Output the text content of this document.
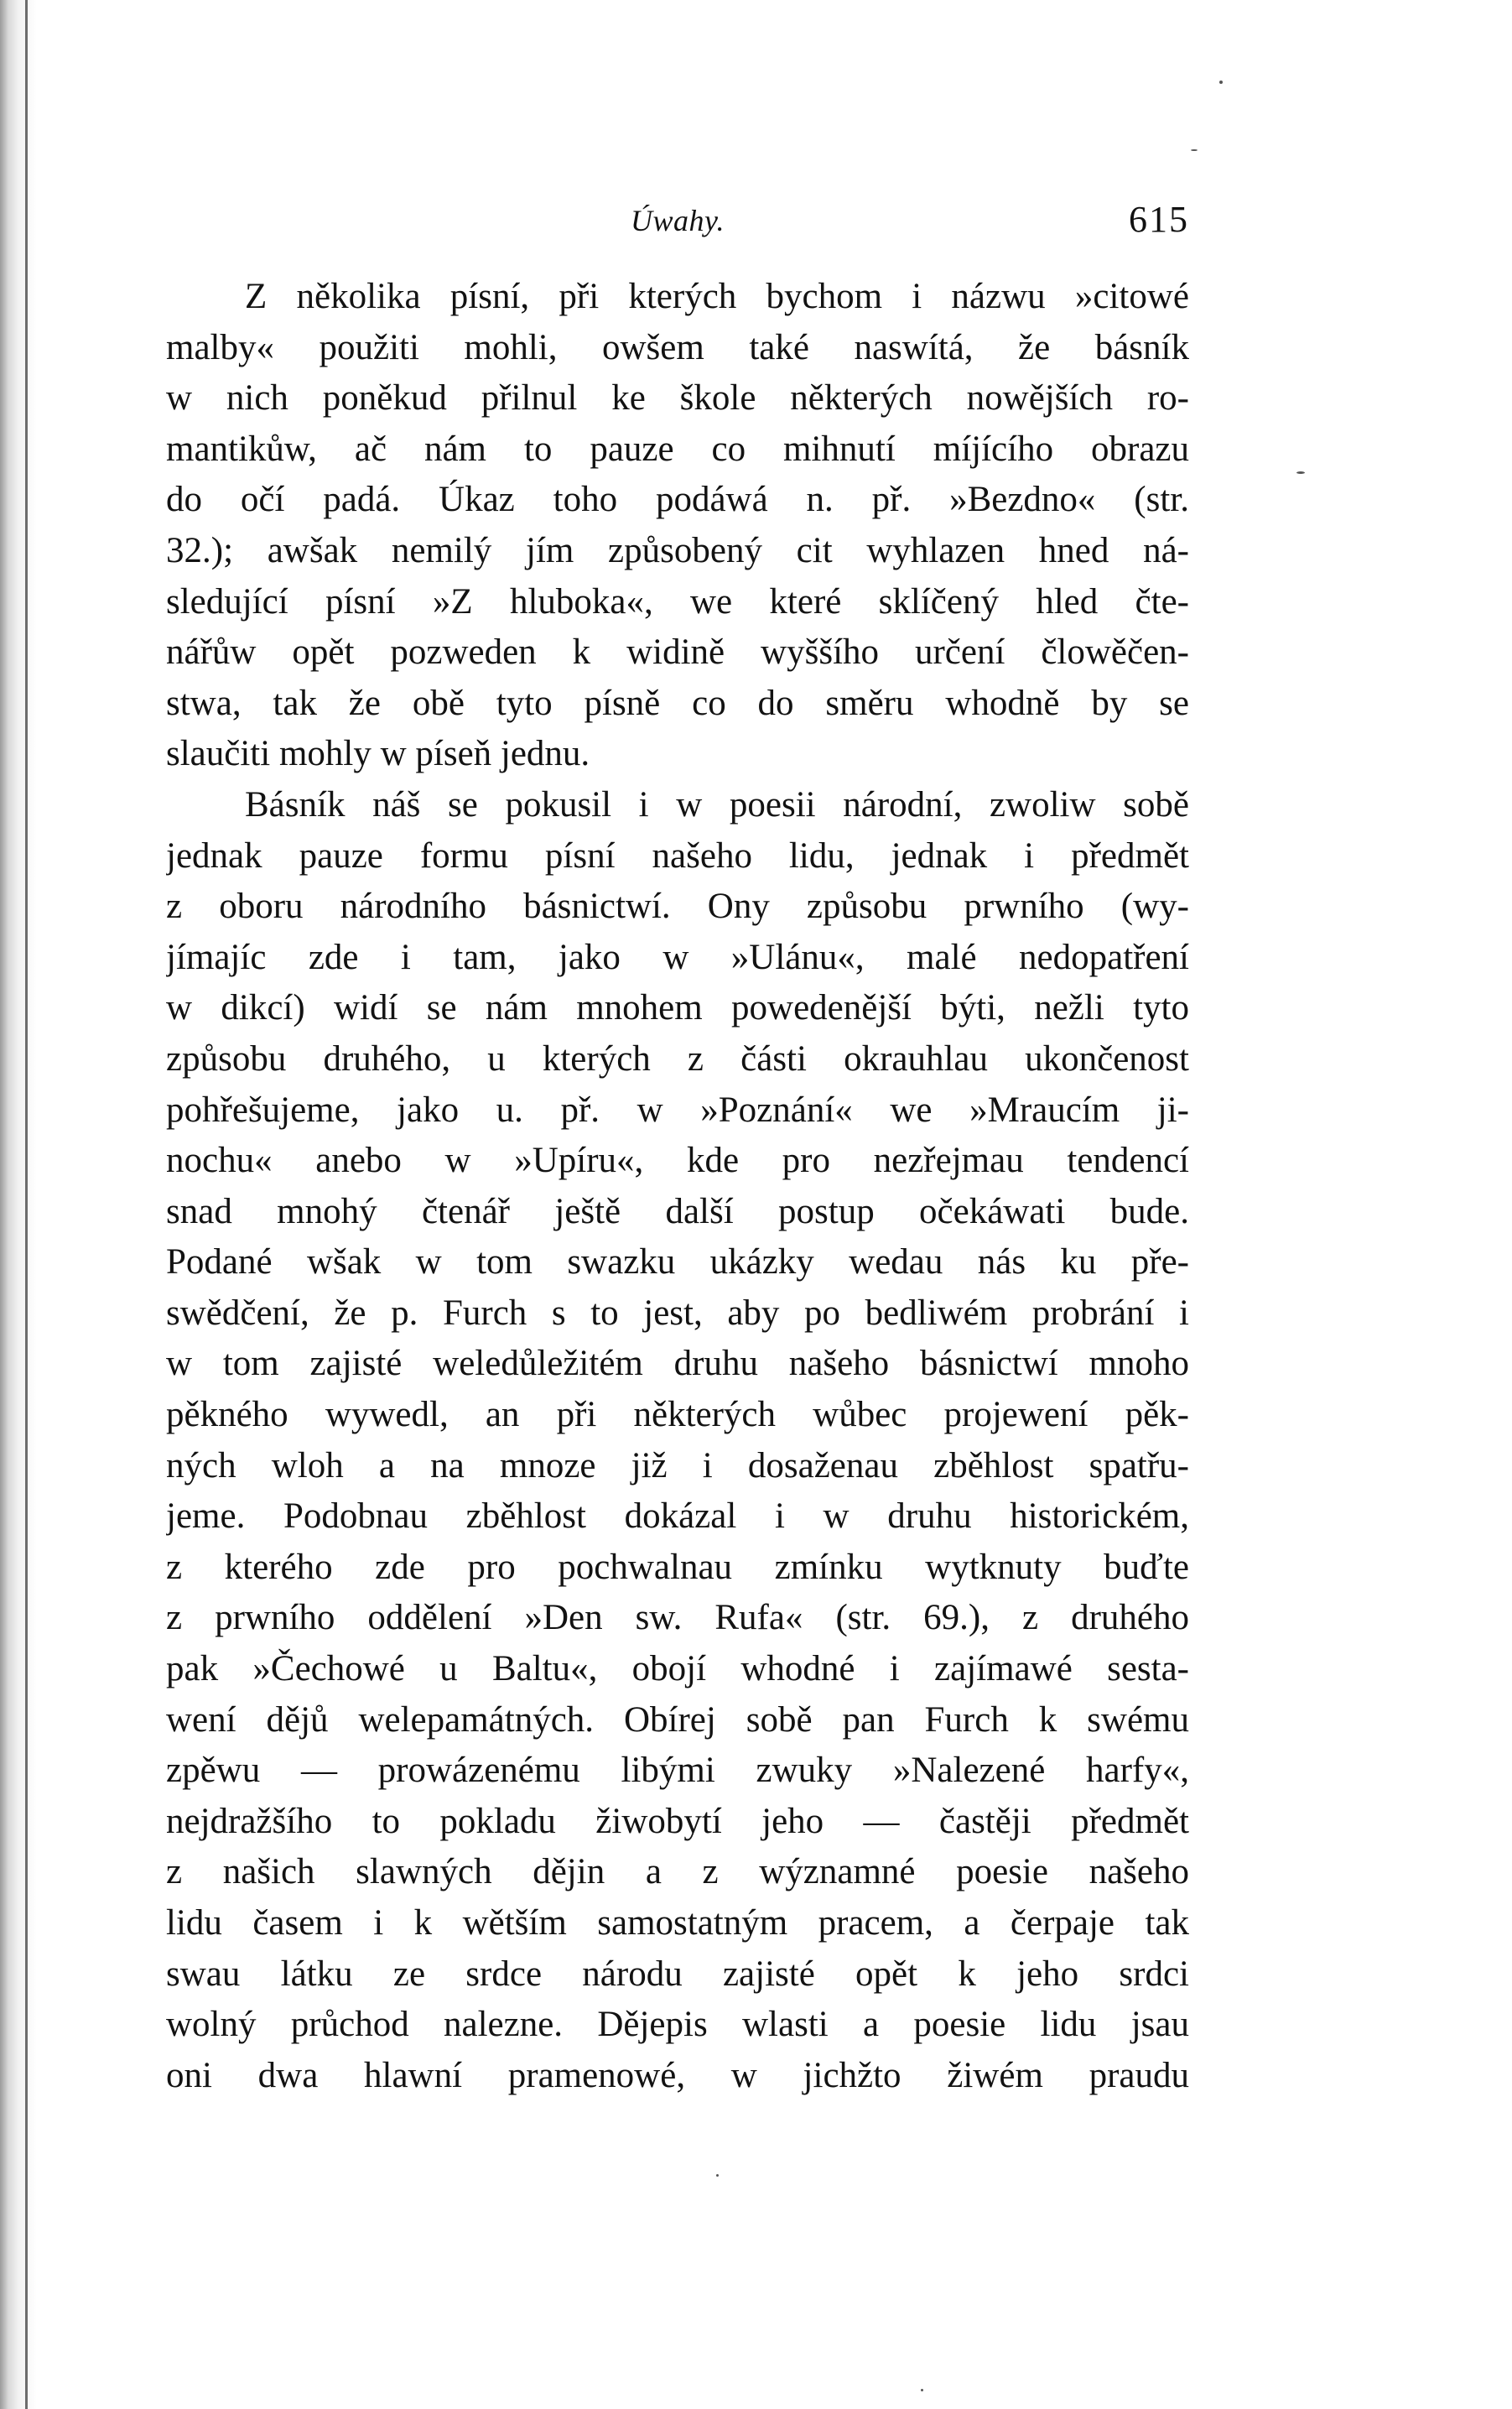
Úwahy.	615
Z několika písní, při kterých bychom i názwu »citowé
malby« použiti mohli, owšem také naswítá, že básník
w nich poněkud přilnul ke škole některých nowějších ro-
mantikůw, ač nám to pauze co mihnutí míjícího obrazu
do očí padá. Úkaz toho podáwá n. př. »Bezdno« (str.
32.); awšak nemilý jím způsobený cit wyhlazen hned ná-
sledující písní »Z hluboka«, we které sklíčený hled čte-
nářůw opět pozweden k widině wyššího určení člowěčen-
stwa, tak že obě tyto písně co do směru whodně by se
slaučiti mohly w píseň jednu.
Básník náš se pokusil i w poesii národní, zwoliw sobě
jednak pauze formu písní našeho lidu, jednak i předmět
z oboru národního básnictwí. Ony způsobu prwního (wy-
jímajíc zde i tam, jako w »Ulánu«, malé nedopatření
w dikcí) widí se nám mnohem powedenější býti, nežli tyto
způsobu druhého, u kterých z části okrauhlau ukončenost
pohřešujeme, jako u. př. w »Poznání« we »Mraucím ji-
nochu« anebo w »Upíru«, kde pro nezřejmau tendencí
snad mnohý čtenář ještě další postup očekáwati bude.
Podané wšak w tom swazku ukázky wedau nás ku pře-
swědčení, že p. Furch s to jest, aby po bedliwém probrání i
w tom zajisté weledůležitém druhu našeho básnictwí mnoho
pěkného wywedl, an při některých wůbec projewení pěk-
ných wloh a na mnoze již i dosaženau zběhlost spatřu-
jeme. Podobnau zběhlost dokázal i w druhu historickém,
z kterého zde pro pochwalnau zmínku wytknuty buďte
z prwního oddělení »Den sw. Rufa« (str. 69.), z druhého
pak »Čechowé u Baltu«, obojí whodné i zajímawé sesta-
wení dějů welepamátných. Obírej sobě pan Furch k swému
zpěwu — prowázenému libými zwuky »Nalezené harfy«,
nejdražšího to pokladu žiwobytí jeho — častěji předmět
z našich slawných dějin a z wýznamné poesie našeho
lidu časem i k wětším samostatným pracem, a čerpaje tak
swau látku ze srdce národu zajisté opět k jeho srdci
wolný průchod nalezne. Dějepis wlasti a poesie lidu jsau
oni dwa hlawní pramenowé, w jichžto žiwém praudu
